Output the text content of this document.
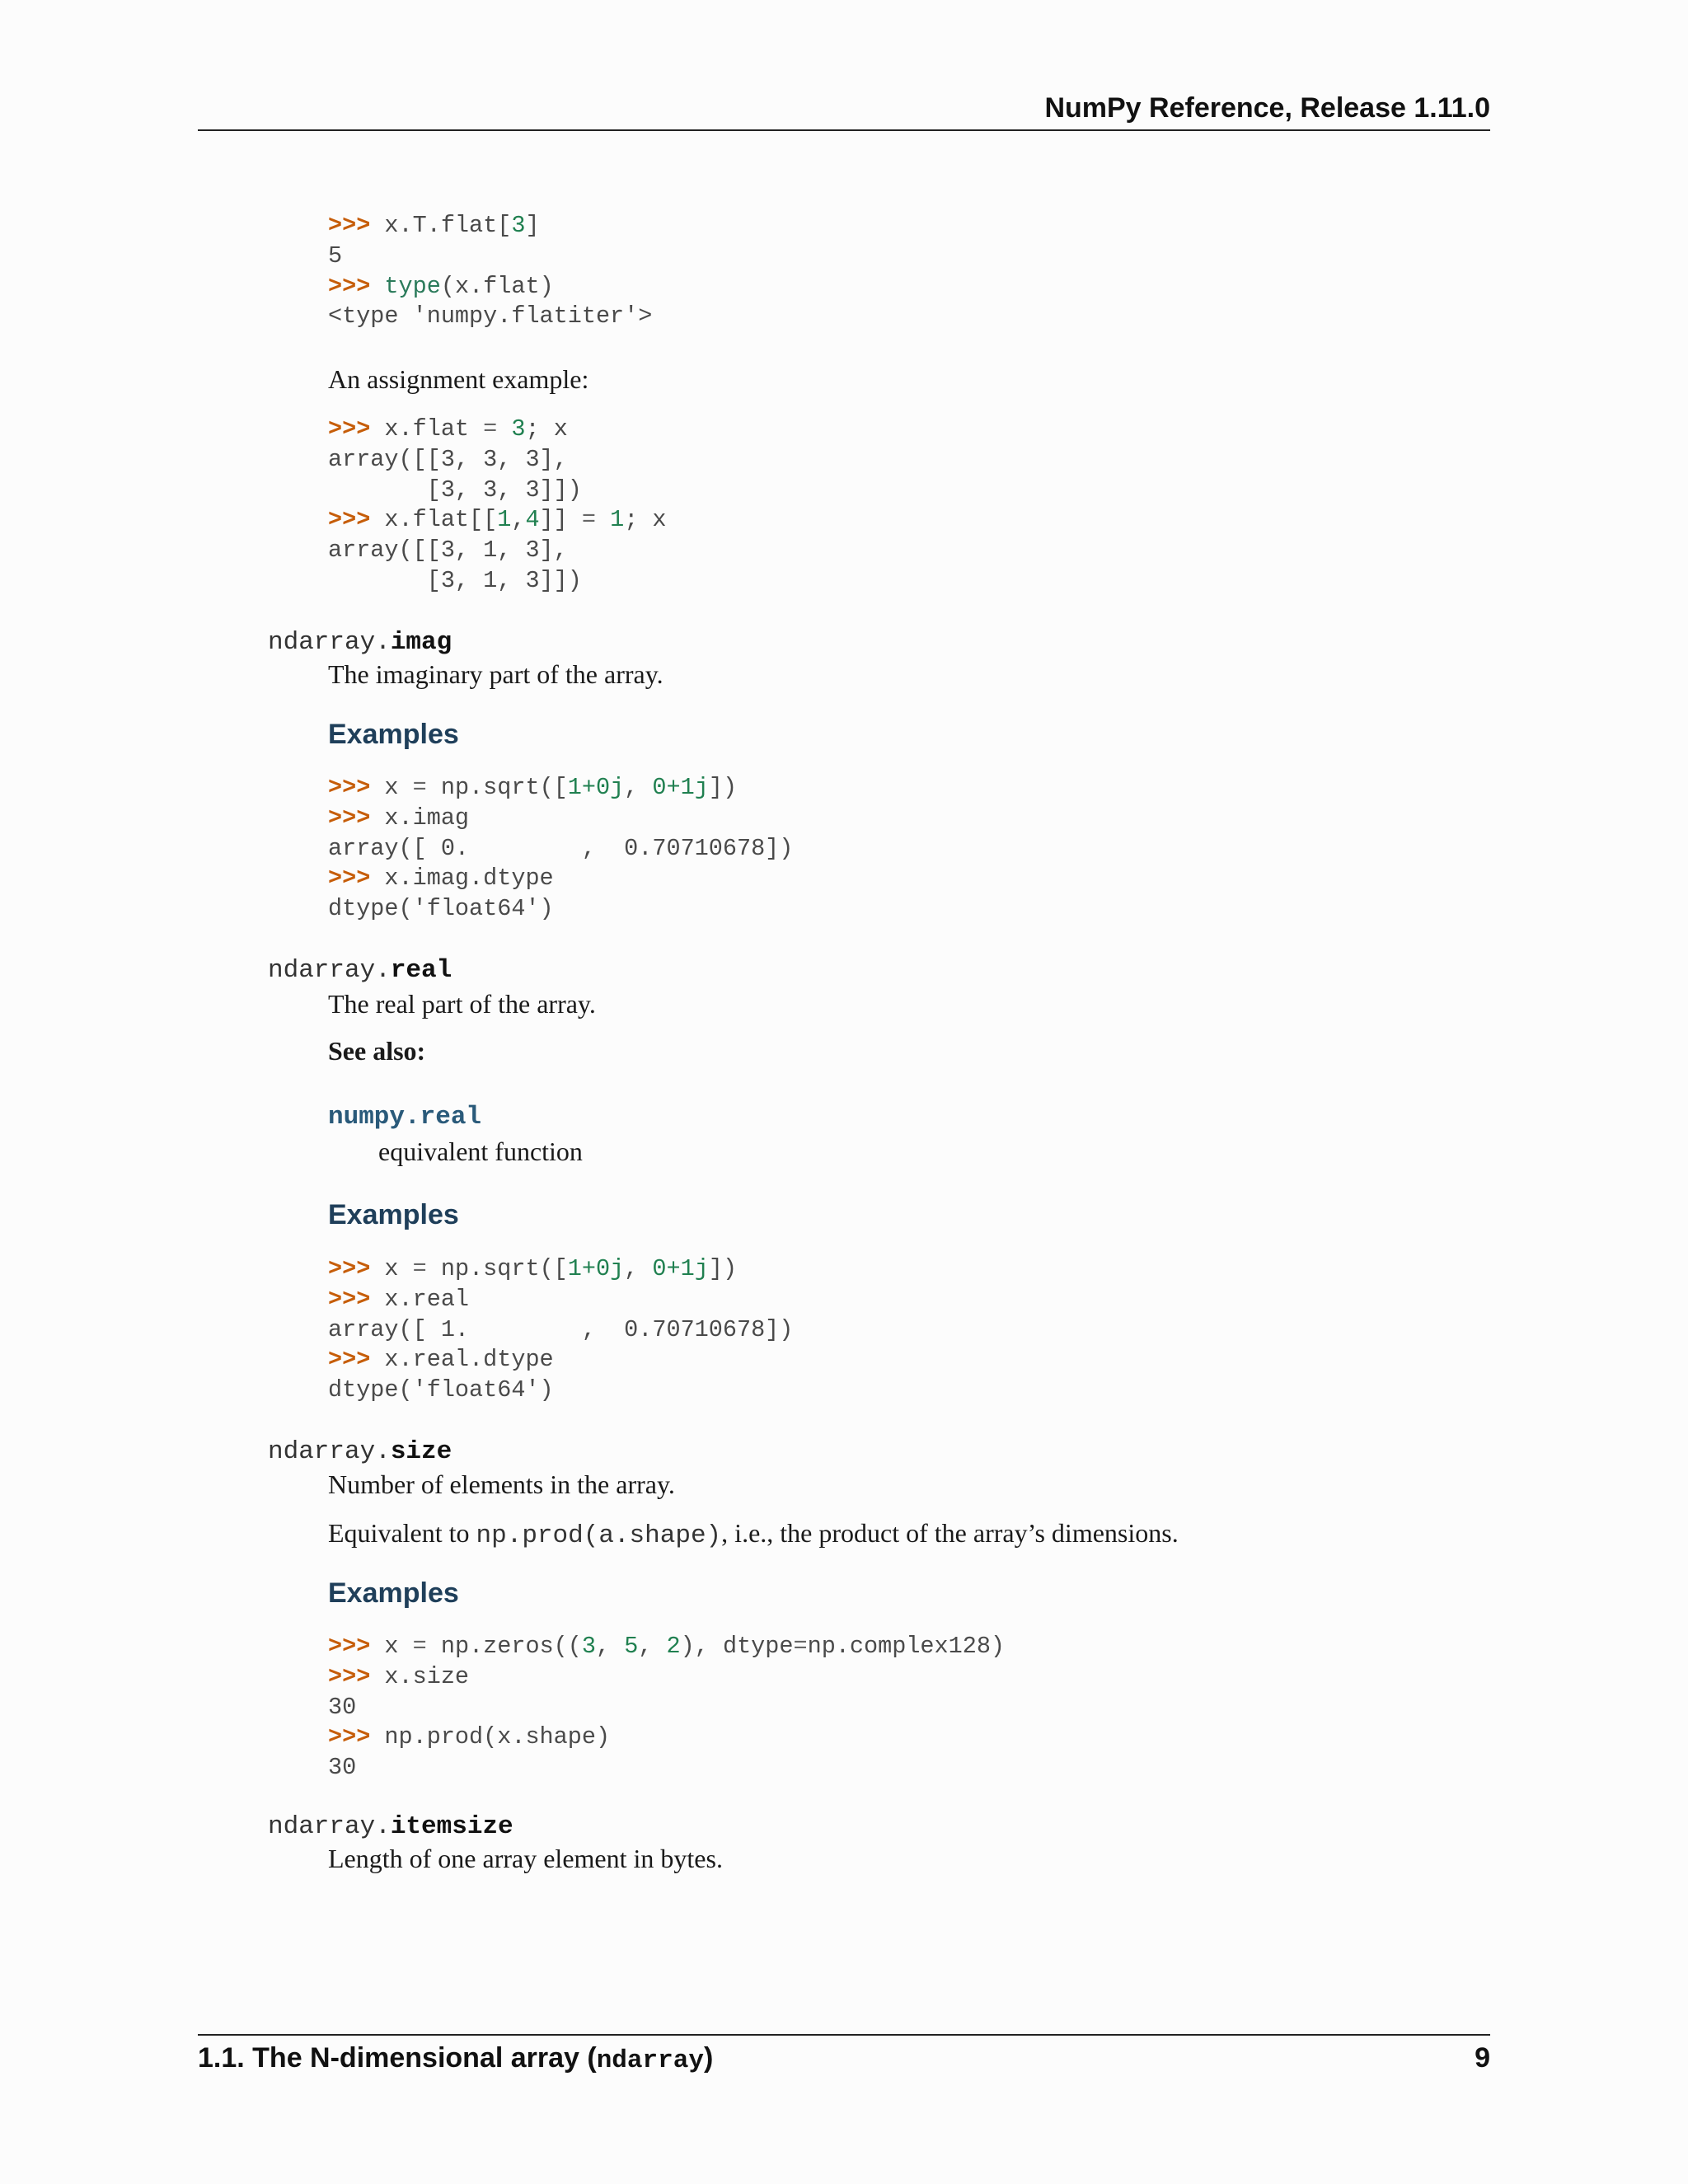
NumPy Reference, Release 1.11.0
>>> x.T.flat[3]
5
>>> type(x.flat)
<type 'numpy.flatiter'>
An assignment example:
>>> x.flat = 3; x
array([[3, 3, 3],
[3, 3, 3]])
>>> x.flat[[1,4]] = 1; x
array([[3, 1, 3],
[3, 1, 3]])
ndarray.imag
The imaginary part of the array.
Examples
>>> x = np.sqrt([1+0j, 0+1j])
>>> x.imag
array([ 0.        ,  0.70710678])
>>> x.imag.dtype
dtype('float64')
ndarray.real
The real part of the array.
See also:
numpy.real
equivalent function
Examples
>>> x = np.sqrt([1+0j, 0+1j])
>>> x.real
array([ 1.        ,  0.70710678])
>>> x.real.dtype
dtype('float64')
ndarray.size
Number of elements in the array.
Equivalent to np.prod(a.shape), i.e., the product of the array’s dimensions.
Examples
>>> x = np.zeros((3, 5, 2), dtype=np.complex128)
>>> x.size
30
>>> np.prod(x.shape)
30
ndarray.itemsize
Length of one array element in bytes.
1.1. The N-dimensional array (ndarray)	9
